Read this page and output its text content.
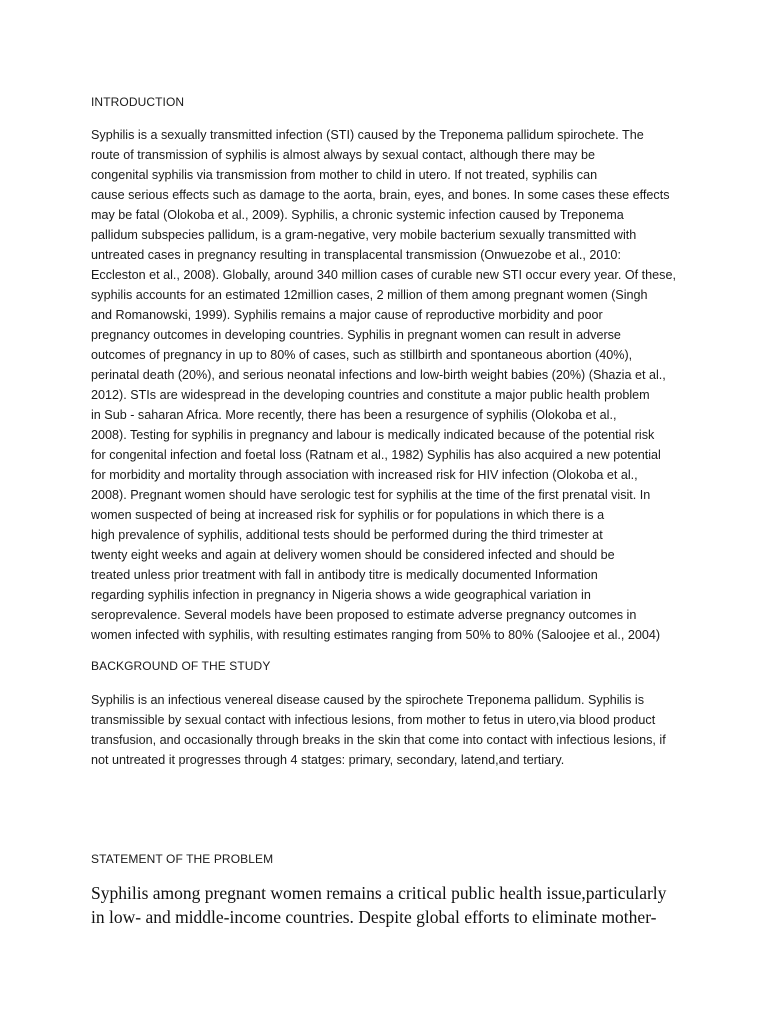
INTRODUCTION
Syphilis is a sexually transmitted infection (STI) caused by the Treponema pallidum spirochete. The
route of transmission of syphilis is almost always by sexual contact, although there may be
congenital syphilis via transmission from mother to child in utero. If not treated, syphilis can
cause serious effects such as damage to the aorta, brain, eyes, and bones. In some cases these effects
may be fatal (Olokoba et al., 2009). Syphilis, a chronic systemic infection caused by Treponema
pallidum subspecies pallidum, is a gram-negative, very mobile bacterium sexually transmitted with
untreated cases in pregnancy resulting in transplacental transmission (Onwuezobe et al., 2010:
Eccleston et al., 2008). Globally, around 340 million cases of curable new STI occur every year. Of these,
syphilis accounts for an estimated 12million cases, 2 million of them among pregnant women (Singh
and Romanowski, 1999). Syphilis remains a major cause of reproductive morbidity and poor
pregnancy outcomes in developing countries. Syphilis in pregnant women can result in adverse
outcomes of pregnancy in up to 80% of cases, such as stillbirth and spontaneous abortion (40%),
perinatal death (20%), and serious neonatal infections and low-birth weight babies (20%) (Shazia et al.,
2012). STIs are widespread in the developing countries and constitute a major public health problem
in Sub - saharan Africa. More recently, there has been a resurgence of syphilis (Olokoba et al.,
2008). Testing for syphilis in pregnancy and labour is medically indicated because of the potential risk
for congenital infection and foetal loss (Ratnam et al., 1982) Syphilis has also acquired a new potential
for morbidity and mortality through association with increased risk for HIV infection (Olokoba et al.,
2008). Pregnant women should have serologic test for syphilis at the time of the first prenatal visit. In
women suspected of being at increased risk for syphilis or for populations in which there is a
high prevalence of syphilis, additional tests should be performed during the third trimester at
twenty eight weeks and again at delivery women should be considered infected and should be
treated unless prior treatment with fall in antibody titre is medically documented Information
regarding syphilis infection in pregnancy in Nigeria shows a wide geographical variation in
seroprevalence. Several models have been proposed to estimate adverse pregnancy outcomes in
women infected with syphilis, with resulting estimates ranging from 50% to 80% (Saloojee et al., 2004)
BACKGROUND OF THE STUDY
Syphilis is an infectious venereal disease caused by the spirochete Treponema pallidum. Syphilis is
transmissible by sexual contact with infectious lesions, from mother to fetus in utero,via blood product
transfusion, and occasionally through breaks in the skin that come into contact with infectious lesions, if
not untreated it progresses through 4 statges: primary, secondary, latend,and tertiary.
STATEMENT OF THE PROBLEM
Syphilis among pregnant women remains a critical public health issue,particularly
in low- and middle-income countries. Despite global efforts to eliminate mother-
